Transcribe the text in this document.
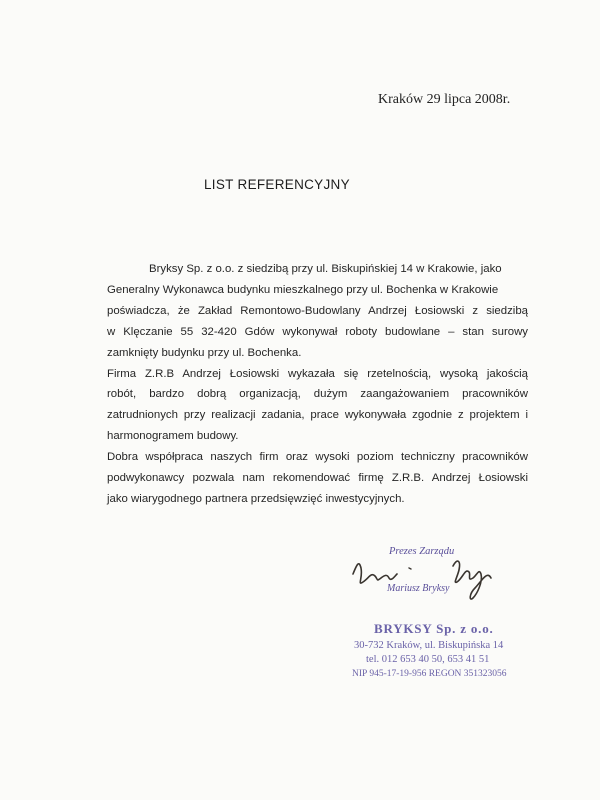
Kraków 29 lipca 2008r.
LIST REFERENCYJNY
Bryksy Sp. z o.o. z siedzibą przy ul. Biskupińskiej 14 w Krakowie, jako
Generalny Wykonawca budynku mieszkalnego przy ul. Bochenka w Krakowie
poświadcza, że Zakład Remontowo-Budowlany Andrzej Łosiowski z siedzibą
w Klęczanie 55 32-420 Gdów wykonywał roboty budowlane – stan surowy
zamknięty budynku przy ul. Bochenka.
Firma Z.R.B Andrzej Łosiowski wykazała się rzetelnością, wysoką jakością
robót, bardzo dobrą organizacją, dużym zaangażowaniem pracowników
zatrudnionych przy realizacji zadania, prace wykonywała zgodnie z projektem i
harmonogramem budowy.
Dobra współpraca naszych firm oraz wysoki poziom techniczny pracowników
podwykonawcy pozwala nam rekomendować firmę Z.R.B. Andrzej Łosiowski
jako wiarygodnego partnera przedsięwzięć inwestycyjnych.
Prezes Zarządu
Mariusz Bryksy
BRYKSY Sp. z o.o.
30-732 Kraków, ul. Biskupińska 14
tel. 012 653 40 50, 653 41 51
NIP 945-17-19-956 REGON 351323056
